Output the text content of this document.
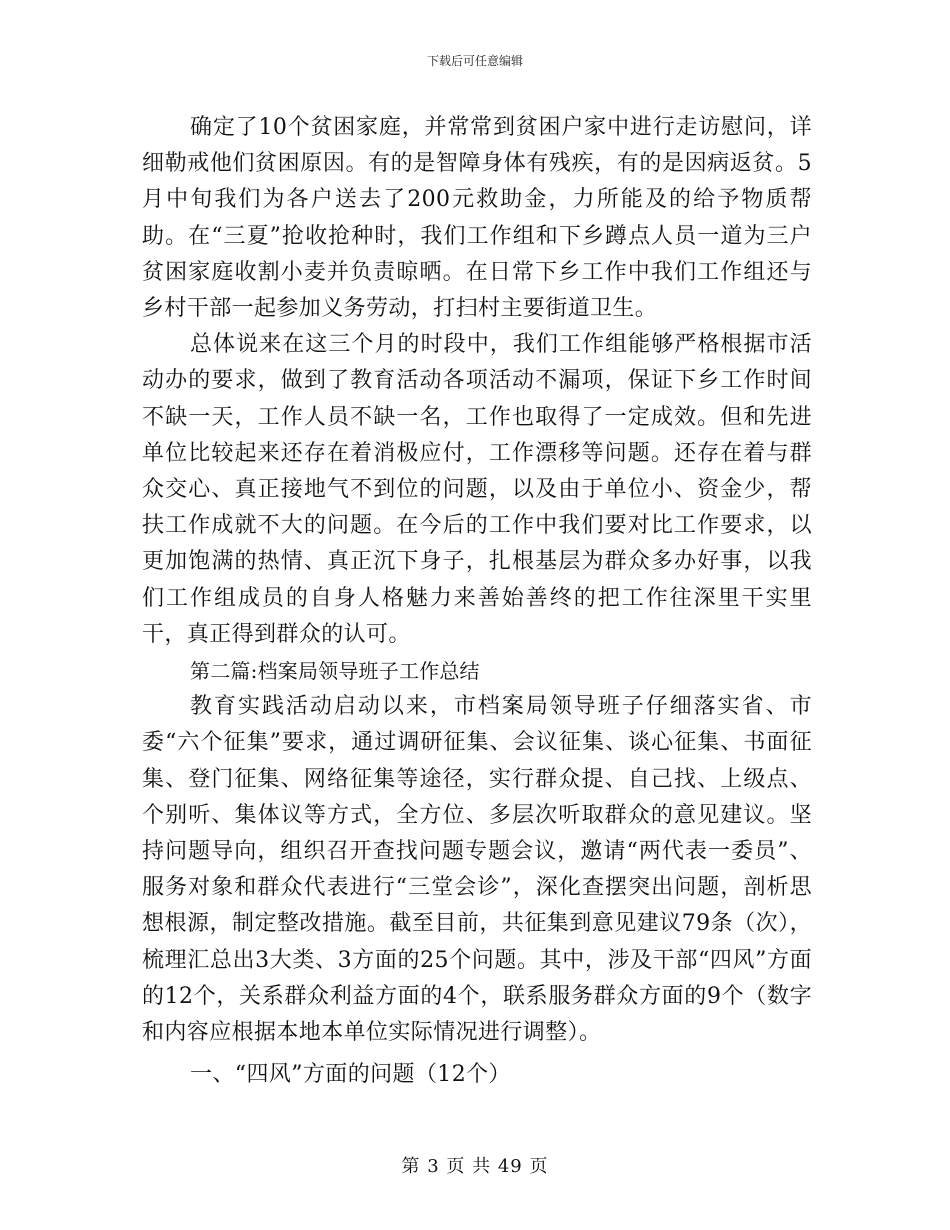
下载后可任意编辑

确定了10个贫困家庭，并常常到贫困户家中进行走访慰问，详细勒戒他们贫困原因。有的是智障身体有残疾，有的是因病返贫。5月中旬我们为各户送去了200元救助金，力所能及的给予物质帮助。在“三夏”抢收抢种时，我们工作组和下乡蹲点人员一道为三户贫困家庭收割小麦并负责晾晒。在日常下乡工作中我们工作组还与乡村干部一起参加义务劳动，打扫村主要街道卫生。

总体说来在这三个月的时段中，我们工作组能够严格根据市活动办的要求，做到了教育活动各项活动不漏项，保证下乡工作时间不缺一天，工作人员不缺一名，工作也取得了一定成效。但和先进单位比较起来还存在着消极应付，工作漂移等问题。还存在着与群众交心、真正接地气不到位的问题，以及由于单位小、资金少，帮扶工作成就不大的问题。在今后的工作中我们要对比工作要求，以更加饱满的热情、真正沉下身子，扎根基层为群众多办好事，以我们工作组成员的自身人格魅力来善始善终的把工作往深里干实里干，真正得到群众的认可。

第二篇:档案局领导班子工作总结

教育实践活动启动以来，市档案局领导班子仔细落实省、市委“六个征集”要求，通过调研征集、会议征集、谈心征集、书面征集、登门征集、网络征集等途径，实行群众提、自己找、上级点、个别听、集体议等方式，全方位、多层次听取群众的意见建议。坚持问题导向，组织召开查找问题专题会议，邀请“两代表一委员”、服务对象和群众代表进行“三堂会诊”，深化查摆突出问题，剖析思想根源，制定整改措施。截至目前，共征集到意见建议79条（次），梳理汇总出3大类、3方面的25个问题。其中，涉及干部“四风”方面的12个，关系群众利益方面的4个，联系服务群众方面的9个（数字和内容应根据本地本单位实际情况进行调整）。

一、“四风”方面的问题（12个）

第 3 页 共 49 页
